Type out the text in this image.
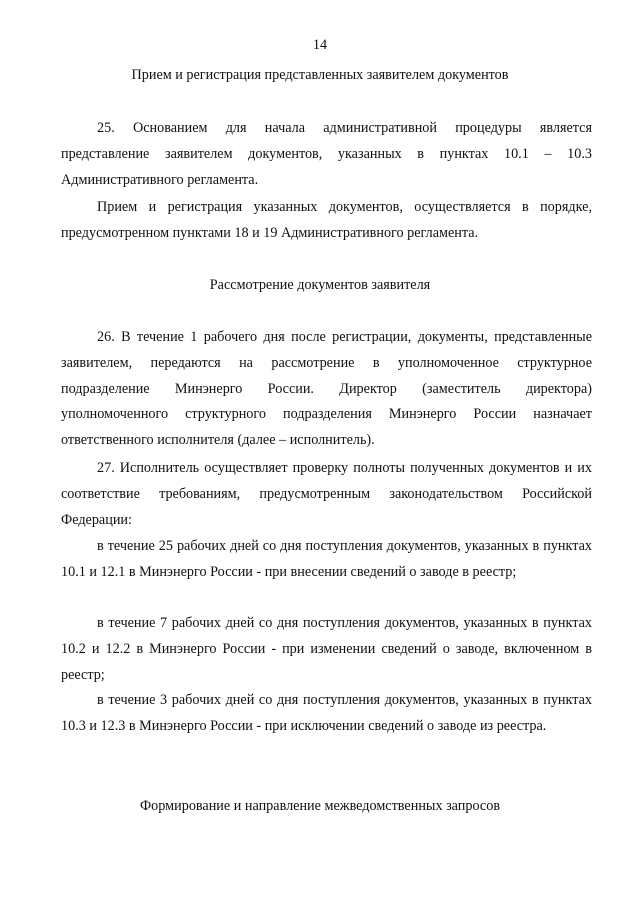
14
Прием и регистрация представленных заявителем документов

25. Основанием для начала административной процедуры является представление заявителем документов, указанных в пунктах 10.1 – 10.3 Административного регламента.

Прием и регистрация указанных документов, осуществляется в порядке, предусмотренном пунктами 18 и 19 Административного регламента.

Рассмотрение документов заявителя

26. В течение 1 рабочего дня после регистрации, документы, представленные заявителем, передаются на рассмотрение в уполномоченное структурное подразделение Минэнерго России. Директор (заместитель директора) уполномоченного структурного подразделения Минэнерго России назначает ответственного исполнителя (далее – исполнитель).

27. Исполнитель осуществляет проверку полноты полученных документов и их соответствие требованиям, предусмотренным законодательством Российской Федерации:

в течение 25 рабочих дней со дня поступления документов, указанных в пунктах 10.1 и 12.1 в Минэнерго России - при внесении сведений о заводе в реестр;

в течение 7 рабочих дней со дня поступления документов, указанных в пунктах 10.2 и 12.2 в Минэнерго России - при изменении сведений о заводе, включенном в реестр;

в течение 3 рабочих дней со дня поступления документов, указанных в пунктах 10.3 и 12.3 в Минэнерго России - при исключении сведений о заводе из реестра.

Формирование и направление межведомственных запросов
